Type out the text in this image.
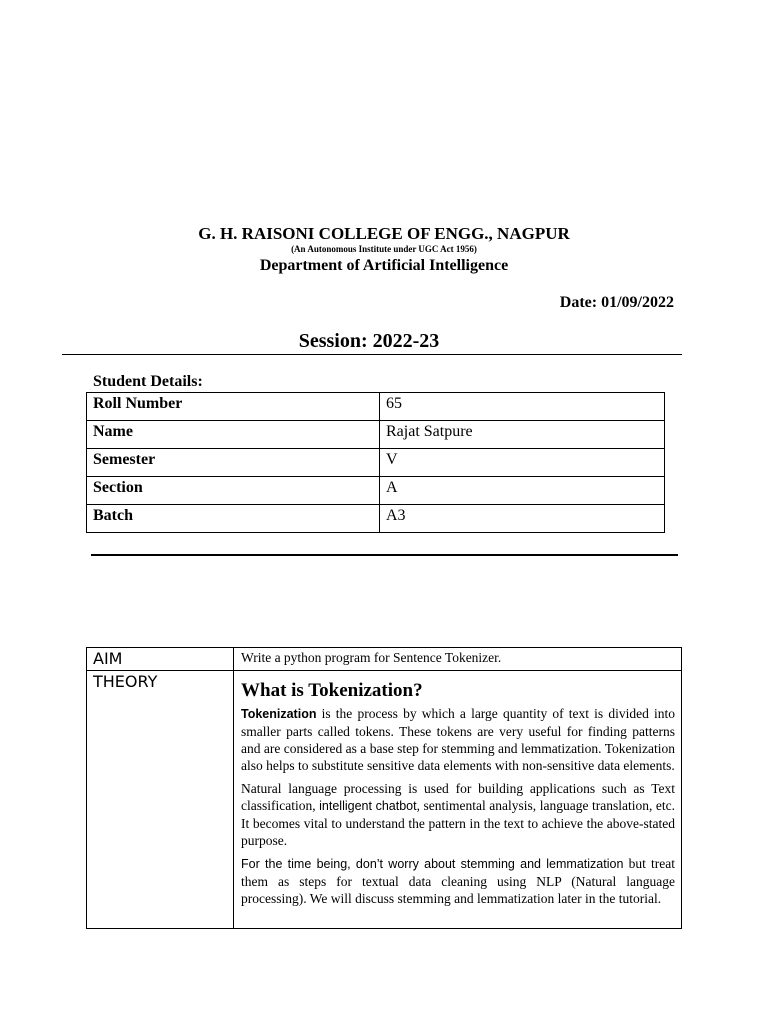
G. H. RAISONI COLLEGE OF ENGG., NAGPUR
(An Autonomous Institute under UGC Act 1956)
Department of Artificial Intelligence
Date: 01/09/2022
Session: 2022-23
Student Details:
Roll Number	65
Name	Rajat Satpure
Semester	V
Section	A
Batch	A3
AIM	Write a python program for Sentence Tokenizer.

THEORY	What is Tokenization?

Tokenization is the process by which a large quantity of text is divided into smaller parts called tokens. These tokens are very useful for finding patterns and are considered as a base step for stemming and lemmatization. Tokenization also helps to substitute sensitive data elements with non-sensitive data elements.

Natural language processing is used for building applications such as Text classification, intelligent chatbot, sentimental analysis, language translation, etc. It becomes vital to understand the pattern in the text to achieve the above-stated purpose.

For the time being, don’t worry about stemming and lemmatization but treat them as steps for textual data cleaning using NLP (Natural language processing). We will discuss stemming and lemmatization later in the tutorial.
